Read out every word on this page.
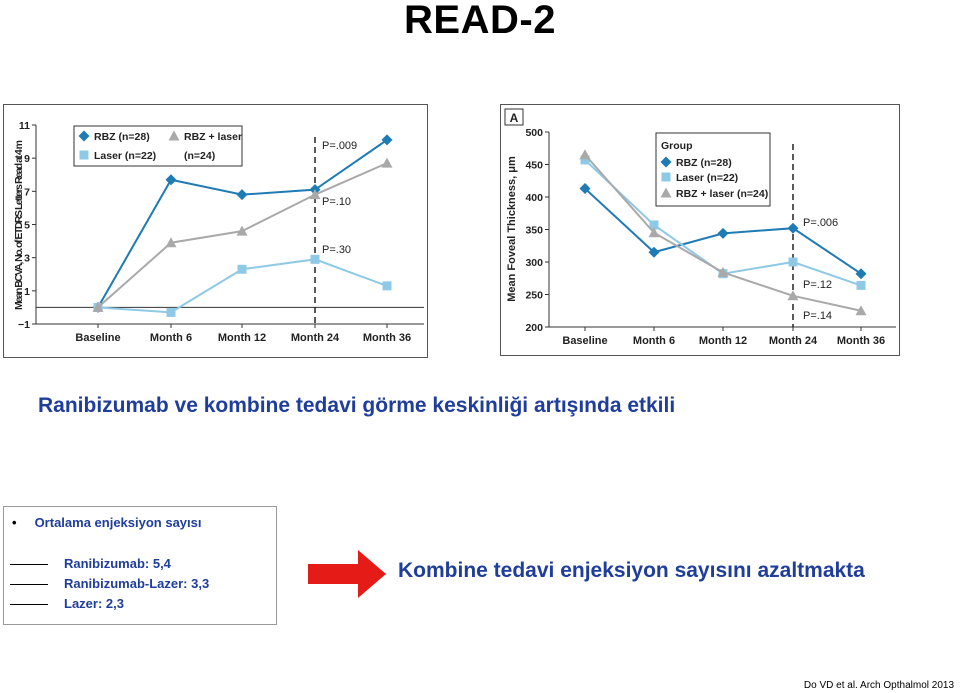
READ-2
−1
1
3
5
7
9
11
Baseline	Month 6 Month 12 Month 24 Month 36
Mean BCVA, No. of ETDRS Letters Read at 4 m	P=.009
P=.10
P=.30
RBZ (n=28)
Laser (n=22)
RBZ + laser
(n=24)
200
250
300
350
400
450
500
Baseline Month 6 Month 12 Month 24 Month 36
Mean Foveal Thickness, μm	P=.006
P=.12
P=.14
A
Group
RBZ (n=28)
Laser (n=22)
RBZ + laser (n=24)
Ranibizumab ve kombine tedavi görme keskinliği artışında etkili
• Ortalama enjeksiyon sayısı
Ranibizumab: 5,4
Ranibizumab-Lazer: 3,3
Lazer: 2,3
Kombine tedavi enjeksiyon sayısını azaltmakta
Do VD et al. Arch Opthalmol 2013
